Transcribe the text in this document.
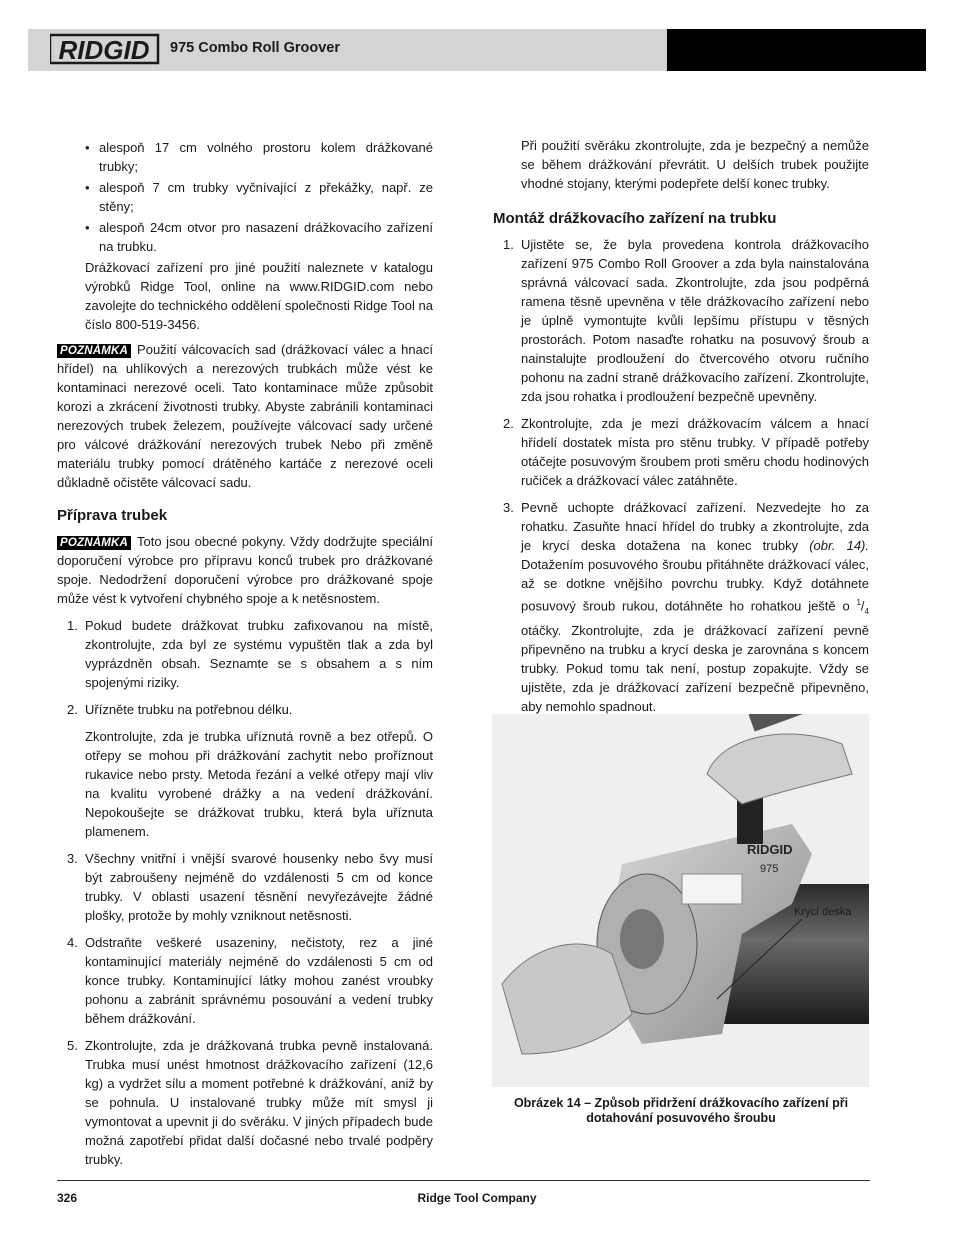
RIDGID 975 Combo Roll Groover
• alespoň 17 cm volného prostoru kolem drážkované trubky;
• alespoň 7 cm trubky vyčnívající z překážky, např. ze stěny;
• alespoň 24cm otvor pro nasazení drážkovacího zařízení na trubku.

Drážkovací zařízení pro jiné použití naleznete v katalogu výrobků Ridge Tool, online na www.RIDGID.com nebo zavolejte do technického oddělení společnosti Ridge Tool na číslo 800-519-3456.

POZNÁMKA Použití válcovacích sad (drážkovací válec a hnací hřídel) na uhlíkových a nerezových trubkách může vést ke kontaminaci nerezové oceli. Tato kontaminace může způsobit korozi a zkrácení životnosti trubky. Abyste zabránili kontaminaci nerezových trubek železem, používejte válcovací sady určené pro válcové drážkování nerezových trubek Nebo při změně materiálu trubky pomocí drátěného kartáče z nerezové oceli důkladně očistěte válcovací sadu.

Příprava trubek

POZNÁMKA Toto jsou obecné pokyny. Vždy dodržujte speciální doporučení výrobce pro přípravu konců trubek pro drážkované spoje. Nedodržení doporučení výrobce pro drážkované spoje může vést k vytvoření chybného spoje a k netěsnostem.

1. Pokud budete drážkovat trubku zafixovanou na místě, zkontrolujte, zda byl ze systému vypuštěn tlak a zda byl vyprázdněn obsah. Seznamte se s obsahem a s ním spojenými riziky.
2. Uřízněte trubku na potřebnou délku.

Zkontrolujte, zda je trubka uříznutá rovně a bez otřepů. O otřepy se mohou při drážkování zachytit nebo proříznout rukavice nebo prsty. Metoda řezání a velké otřepy mají vliv na kvalitu vyrobené drážky a na vedení drážkování. Nepokoušejte se drážkovat trubku, která byla uříznuta plamenem.

3. Všechny vnitřní i vnější svarové housenky nebo švy musí být zabroušeny nejméně do vzdálenosti 5 cm od konce trubky. V oblasti usazení těsnění nevyřezávejte žádné plošky, protože by mohly vzniknout netěsnosti.
4. Odstraňte veškeré usazeniny, nečistoty, rez a jiné kontaminující materiály nejméně do vzdálenosti 5 cm od konce trubky. Kontaminující látky mohou zanést vroubky pohonu a zabránit správnému posouvání a vedení trubky během drážkování.
5. Zkontrolujte, zda je drážkovaná trubka pevně instalovaná. Trubka musí unést hmotnost drážkovacího zařízení (12,6 kg) a vydržet sílu a moment potřebné k drážkování, aniž by se pohnula. U instalované trubky může mít smysl ji vymontovat a upevnit ji do svěráku. V jiných případech bude možná zapotřebí přidat další dočasné nebo trvalé podpěry trubky.

Při použití svěráku zkontrolujte, zda je bezpečný a nemůže se během drážkování převrátit. U delších trubek použijte vhodné stojany, kterými podepřete delší konec trubky.

Montáž drážkovacího zařízení na trubku
1. Ujistěte se, že byla provedena kontrola drážkovacího zařízení 975 Combo Roll Groover a zda byla nainstalována správná válcovací sada. Zkontrolujte, zda jsou podpěrná ramena těsně upevněna v těle drážkovacího zařízení nebo je úplně vymontujte kvůli lepšímu přístupu v těsných prostorách. Potom nasaďte rohatku na posuvový šroub a nainstalujte prodloužení do čtvercového otvoru ručního pohonu na zadní straně drážkovacího zařízení. Zkontrolujte, zda jsou rohatka i prodloužení bezpečně upevněny.
2. Zkontrolujte, zda je mezi drážkovacím válcem a hnací hřídelí dostatek místa pro stěnu trubky. V případě potřeby otáčejte posuvovým šroubem proti směru chodu hodinových ručiček a drážkovací válec zatáhněte.
3. Pevně uchopte drážkovací zařízení. Nezvedejte ho za rohatku. Zasuňte hnací hřídel do trubky a zkontrolujte, zda je krycí deska dotažena na konec trubky (obr. 14). Dotažením posuvového šroubu přitáhněte drážkovací válec, až se dotkne vnějšího povrchu trubky. Když dotáhnete posuvový šroub rukou, dotáhněte ho rohatkou ještě o $^1/_4$ otáčky. Zkontrolujte, zda je drážkovací zařízení pevně připevněno na trubku a krycí deska je zarovnána s koncem trubky. Pokud tomu tak není, postup zopakujte. Vždy se ujistěte, zda je drážkovací zařízení bezpečně připevněno, aby nemohlo spadnout.
RIDGID
975
Krycí deska
Obrázek 14 – Způsob přidržení drážkovacího zařízení při
dotahování posuvového šroubu
326	Ridge Tool Company
